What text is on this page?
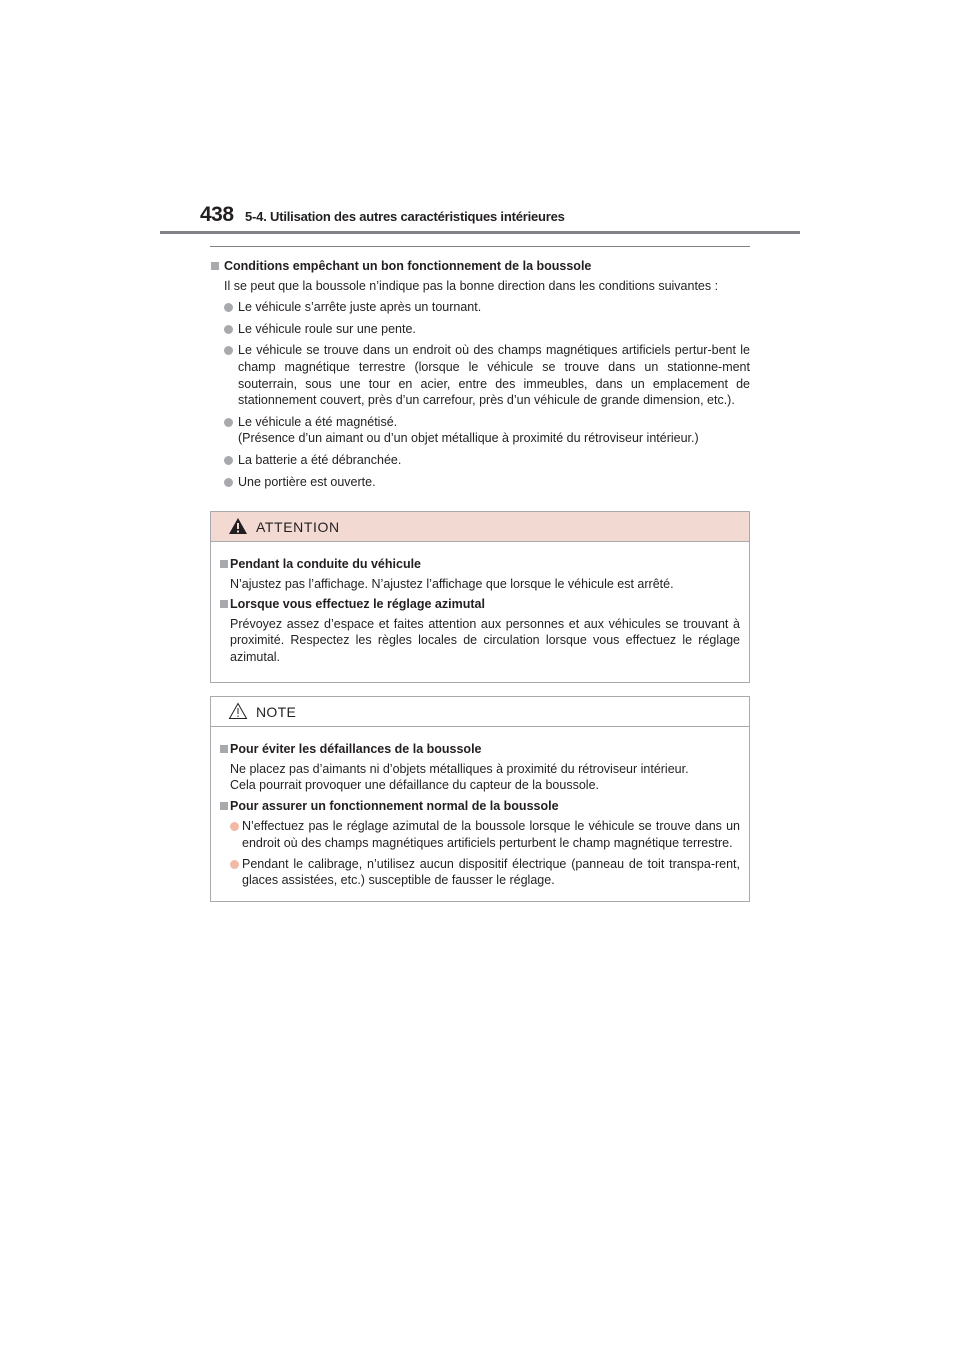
438 5-4. Utilisation des autres caractéristiques intérieures
Conditions empêchant un bon fonctionnement de la boussole
Il se peut que la boussole n’indique pas la bonne direction dans les conditions suivantes :
Le véhicule s’arrête juste après un tournant.
Le véhicule roule sur une pente.
Le véhicule se trouve dans un endroit où des champs magnétiques artificiels pertur-bent le champ magnétique terrestre (lorsque le véhicule se trouve dans un stationne-ment souterrain, sous une tour en acier, entre des immeubles, dans un emplacement de stationnement couvert, près d’un carrefour, près d’un véhicule de grande dimension, etc.).
Le véhicule a été magnétisé.
(Présence d’un aimant ou d’un objet métallique à proximité du rétroviseur intérieur.)
La batterie a été débranchée.
Une portière est ouverte.
ATTENTION
Pendant la conduite du véhicule
N’ajustez pas l’affichage. N’ajustez l’affichage que lorsque le véhicule est arrêté.
Lorsque vous effectuez le réglage azimutal
Prévoyez assez d’espace et faites attention aux personnes et aux véhicules se trouvant à proximité. Respectez les règles locales de circulation lorsque vous effectuez le réglage azimutal.
NOTE
Pour éviter les défaillances de la boussole
Ne placez pas d’aimants ni d’objets métalliques à proximité du rétroviseur intérieur.
Cela pourrait provoquer une défaillance du capteur de la boussole.
Pour assurer un fonctionnement normal de la boussole
N’effectuez pas le réglage azimutal de la boussole lorsque le véhicule se trouve dans un endroit où des champs magnétiques artificiels perturbent le champ magnétique terrestre.
Pendant le calibrage, n’utilisez aucun dispositif électrique (panneau de toit transpa-rent, glaces assistées, etc.) susceptible de fausser le réglage.
